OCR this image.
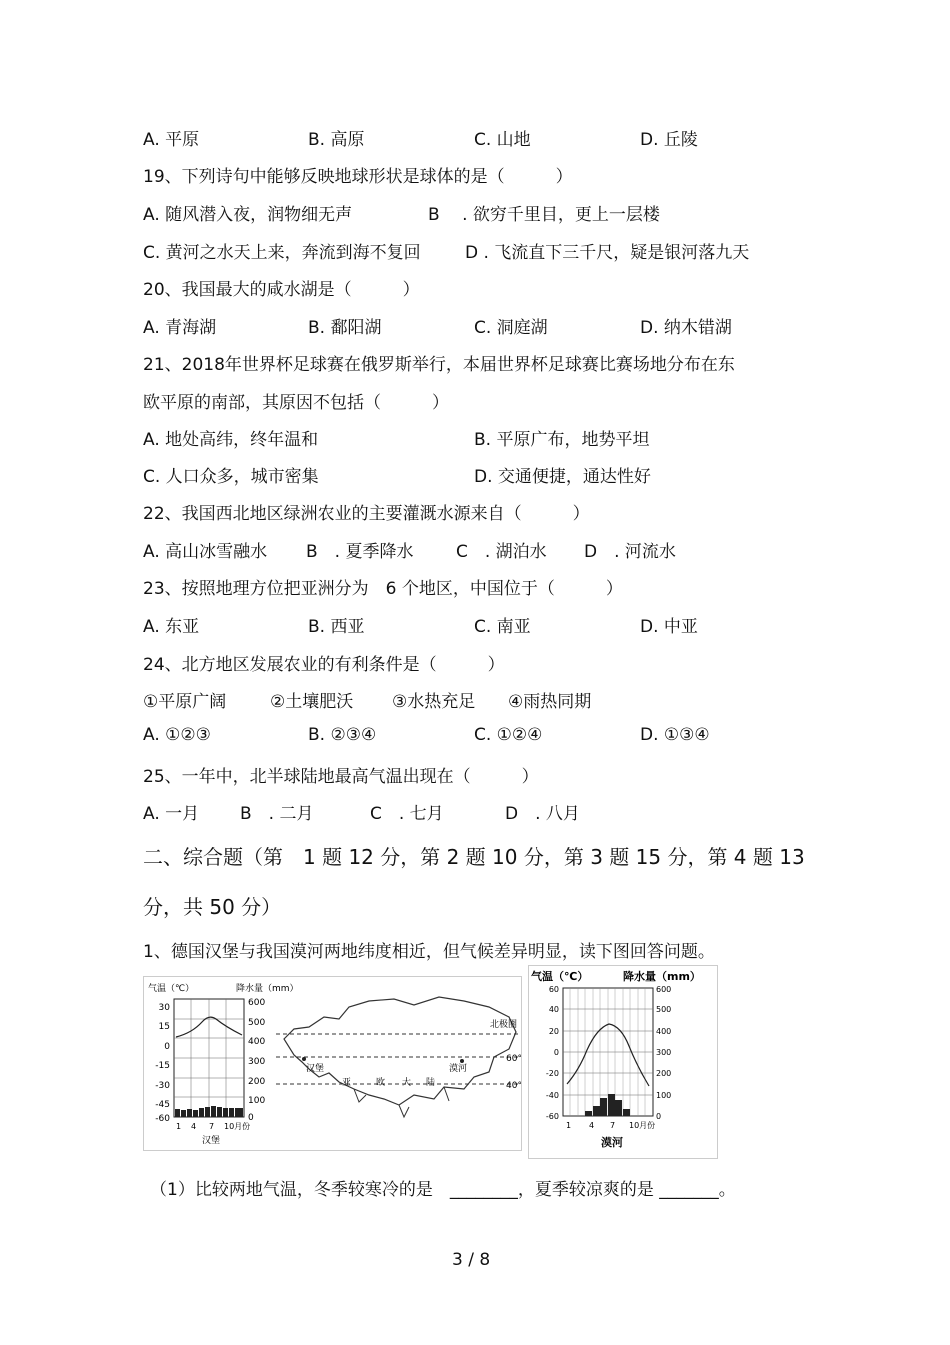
A. 平原	B. 高原	C. 山地	D. 丘陵
19、下列诗句中能够反映地球形状是球体的是（　　　）
A. 随风潜入夜，润物细无声	B　 . 欲穷千里目，更上一层楼
C. 黄河之水天上来，奔流到海不复回	D . 飞流直下三千尺，疑是银河落九天
20、我国最大的咸水湖是（　　　）
A. 青海湖	B. 鄱阳湖	C. 洞庭湖	D. 纳木错湖
21、2018年世界杯足球赛在俄罗斯举行，本届世界杯足球赛比赛场地分布在东
欧平原的南部，其原因不包括（　　　）
A. 地处高纬，终年温和	B. 平原广布，地势平坦
C. 人口众多，城市密集	D. 交通便捷，通达性好
22、我国西北地区绿洲农业的主要灌溉水源来自（　　　）
A. 高山冰雪融水 B　. 夏季降水	C　. 湖泊水 D　. 河流水
23、按照地理方位把亚洲分为　6 个地区，中国位于（　　　）
A. 东亚	B. 西亚	C. 南亚	D. 中亚
24、北方地区发展农业的有利条件是（　　　）
①平原广阔	②土壤肥沃 ③水热充足 ④雨热同期
A. ①②③	B. ②③④	C. ①②④	D. ①③④
25、一年中，北半球陆地最高气温出现在（　　　）
A. 一月 B　. 二月	C　. 七月	D　. 八月
二、综合题（第　1 题 12 分，第 2 题 10 分，第 3 题 15 分，第 4 题 13
分，共 50 分）
1、德国汉堡与我国漠河两地纬度相近，但气候差异明显，读下图回答问题。
气温（℃）	降水量（mm）
30
15
0
-15
-30
-45
-60
600
500
400
300
200
100
0
1 4 7 10月份
汉堡
北极圈
汉堡
亚	欧 大 陆
漠河
60°
40°
气温（℃）	降水量（mm）
60
40
20
0
-20
-40
-60
600
500
400
300
200
100
0
1 4 7 10月份
漠河
（1）比较两地气温，冬季较寒冷的是　________，夏季较凉爽的是 _______。
3 / 8
